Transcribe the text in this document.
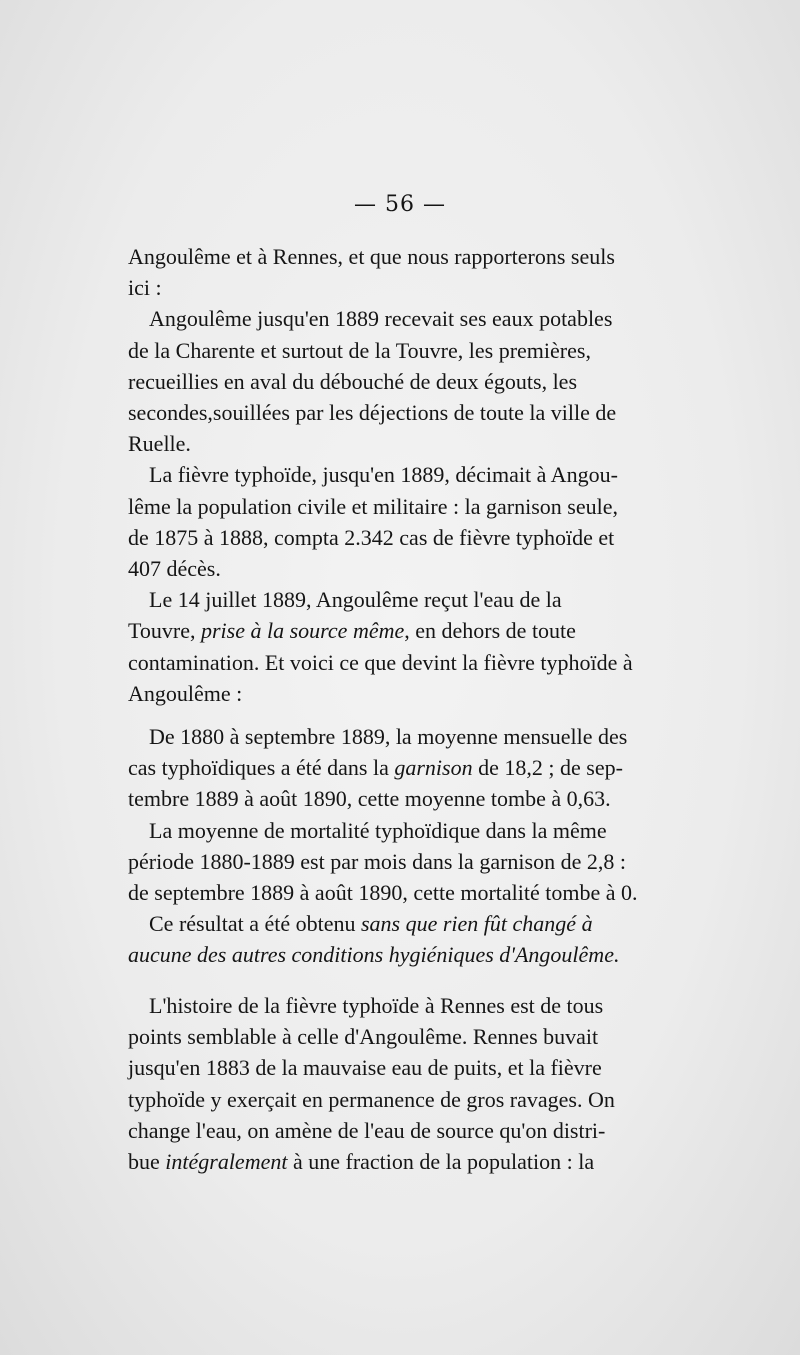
— 56 —
Angoulême et à Rennes, et que nous rapporterons seuls
ici :
Angoulême jusqu'en 1889 recevait ses eaux potables
de la Charente et surtout de la Touvre, les premières,
recueillies en aval du débouché de deux égouts, les
secondes,souillées par les déjections de toute la ville de
Ruelle.
La fièvre typhoïde, jusqu'en 1889, décimait à Angou-
lême la population civile et militaire : la garnison seule,
de 1875 à 1888, compta 2.342 cas de fièvre typhoïde et
407 décès.
Le 14 juillet 1889, Angoulême reçut l'eau de la
Touvre, prise à la source même, en dehors de toute
contamination. Et voici ce que devint la fièvre typhoïde à
Angoulême :
De 1880 à septembre 1889, la moyenne mensuelle des
cas typhoïdiques a été dans la garnison de 18,2 ; de sep-
tembre 1889 à août 1890, cette moyenne tombe à 0,63.
La moyenne de mortalité typhoïdique dans la même
période 1880-1889 est par mois dans la garnison de 2,8 :
de septembre 1889 à août 1890, cette mortalité tombe à 0.
Ce résultat a été obtenu sans que rien fût changé à
aucune des autres conditions hygiéniques d'Angoulême.
L'histoire de la fièvre typhoïde à Rennes est de tous
points semblable à celle d'Angoulême. Rennes buvait
jusqu'en 1883 de la mauvaise eau de puits, et la fièvre
typhoïde y exerçait en permanence de gros ravages. On
change l'eau, on amène de l'eau de source qu'on distri-
bue intégralement à une fraction de la population : la
